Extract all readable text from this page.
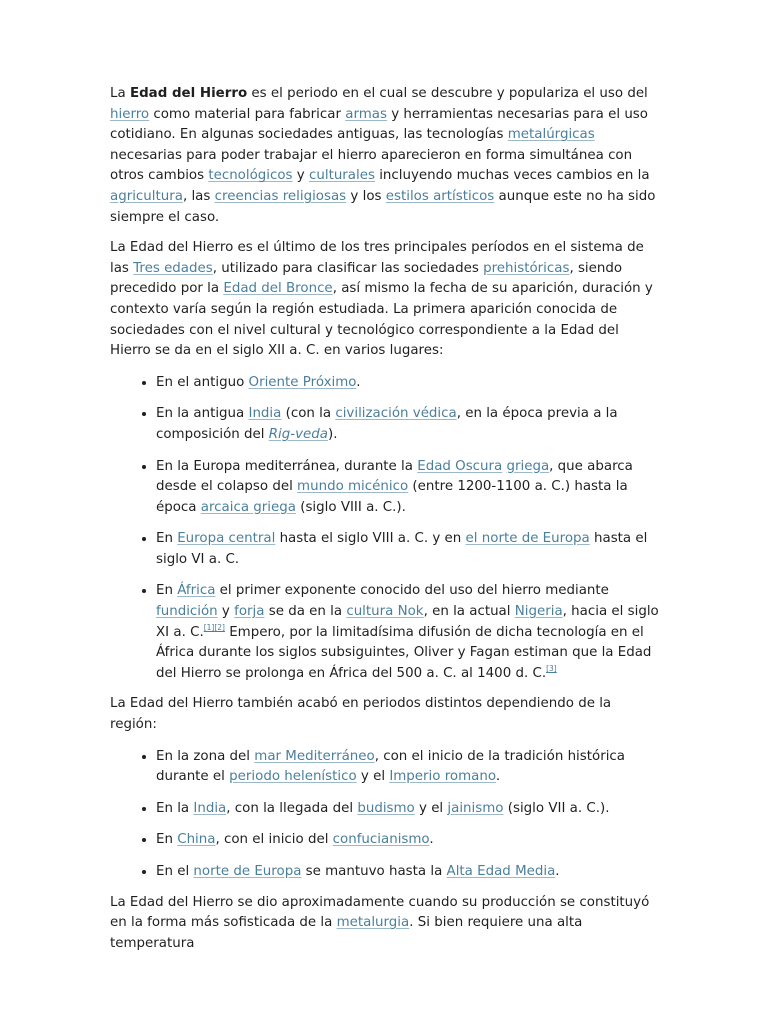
La Edad del Hierro es el periodo en el cual se descubre y populariza el uso del hierro como material para fabricar armas y herramientas necesarias para el uso cotidiano. En algunas sociedades antiguas, las tecnologías metalúrgicas necesarias para poder trabajar el hierro aparecieron en forma simultánea con otros cambios tecnológicos y culturales incluyendo muchas veces cambios en la agricultura, las creencias religiosas y los estilos artísticos aunque este no ha sido siempre el caso.

La Edad del Hierro es el último de los tres principales períodos en el sistema de las Tres edades, utilizado para clasificar las sociedades prehistóricas, siendo precedido por la Edad del Bronce, así mismo la fecha de su aparición, duración y contexto varía según la región estudiada. La primera aparición conocida de sociedades con el nivel cultural y tecnológico correspondiente a la Edad del Hierro se da en el siglo XII a. C. en varios lugares:

• En el antiguo Oriente Próximo.
• En la antigua India (con la civilización védica, en la época previa a la composición del Rig-veda).
• En la Europa mediterránea, durante la Edad Oscura griega, que abarca desde el colapso del mundo micénico (entre 1200-1100 a. C.) hasta la época arcaica griega (siglo VIII a. C.).
• En Europa central hasta el siglo VIII a. C. y en el norte de Europa hasta el siglo VI a. C.
• En África el primer exponente conocido del uso del hierro mediante fundición y forja se da en la cultura Nok, en la actual Nigeria, hacia el siglo XI a. C.[1][2] Empero, por la limitadísima difusión de dicha tecnología en el África durante los siglos subsiguintes, Oliver y Fagan estiman que la Edad del Hierro se prolonga en África del 500 a. C. al 1400 d. C.[3]

La Edad del Hierro también acabó en periodos distintos dependiendo de la región:

• En la zona del mar Mediterráneo, con el inicio de la tradición histórica durante el periodo helenístico y el Imperio romano.
• En la India, con la llegada del budismo y el jainismo (siglo VII a. C.).
• En China, con el inicio del confucianismo.
• En el norte de Europa se mantuvo hasta la Alta Edad Media.

La Edad del Hierro se dio aproximadamente cuando su producción se constituyó en la forma más sofisticada de la metalurgia. Si bien requiere una alta temperatura
